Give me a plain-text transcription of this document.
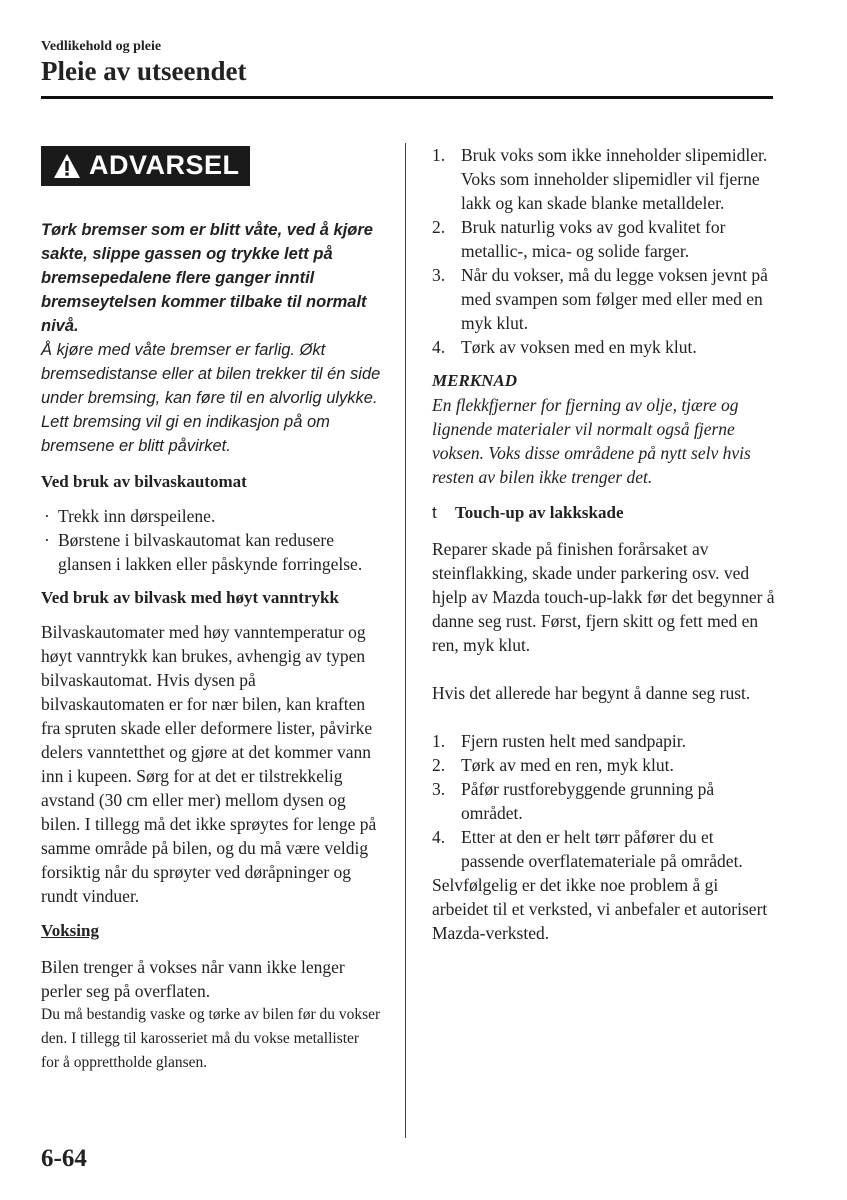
Vedlikehold og pleie
Pleie av utseendet
ADVARSEL
Tørk bremser som er blitt våte, ved å kjøre sakte, slippe gassen og trykke lett på bremsepedalene flere ganger inntil bremseytelsen kommer tilbake til normalt nivå.
Å kjøre med våte bremser er farlig. Økt bremsedistanse eller at bilen trekker til én side under bremsing, kan føre til en alvorlig ulykke. Lett bremsing vil gi en indikasjon på om bremsene er blitt påvirket.
Ved bruk av bilvaskautomat
· Trekk inn dørspeilene.
· Børstene i bilvaskautomat kan redusere glansen i lakken eller påskynde forringelse.
Ved bruk av bilvask med høyt vanntrykk
Bilvaskautomater med høy vanntemperatur og høyt vanntrykk kan brukes, avhengig av typen bilvaskautomat. Hvis dysen på bilvaskautomaten er for nær bilen, kan kraften fra spruten skade eller deformere lister, påvirke delers vanntetthet og gjøre at det kommer vann inn i kupeen. Sørg for at det er tilstrekkelig avstand (30 cm eller mer) mellom dysen og bilen. I tillegg må det ikke sprøytes for lenge på samme område på bilen, og du må være veldig forsiktig når du sprøyter ved døråpninger og rundt vinduer.
Voksing
Bilen trenger å vokses når vann ikke lenger perler seg på overflaten.
Du må bestandig vaske og tørke av bilen før du vokser den. I tillegg til karosseriet må du vokse metallister for å opprettholde glansen.
1. Bruk voks som ikke inneholder slipemidler.
Voks som inneholder slipemidler vil fjerne lakk og kan skade blanke metalldeler.
2. Bruk naturlig voks av god kvalitet for metallic-, mica- og solide farger.
3. Når du vokser, må du legge voksen jevnt på med svampen som følger med eller med en myk klut.
4. Tørk av voksen med en myk klut.
MERKNAD
En flekkfjerner for fjerning av olje, tjære og lignende materialer vil normalt også fjerne voksen. Voks disse områdene på nytt selv hvis resten av bilen ikke trenger det.
t	Touch-up av lakkskade
Reparer skade på finishen forårsaket av steinflakking, skade under parkering osv. ved hjelp av Mazda touch-up-lakk før det begynner å danne seg rust. Først, fjern skitt og fett med en ren, myk klut.
Hvis det allerede har begynt å danne seg rust.
1. Fjern rusten helt med sandpapir.
2. Tørk av med en ren, myk klut.
3. Påfør rustforebyggende grunning på området.
4. Etter at den er helt tørr påfører du et passende overflatemateriale på området.
Selvfølgelig er det ikke noe problem å gi arbeidet til et verksted, vi anbefaler et autorisert Mazda-verksted.
6-64
